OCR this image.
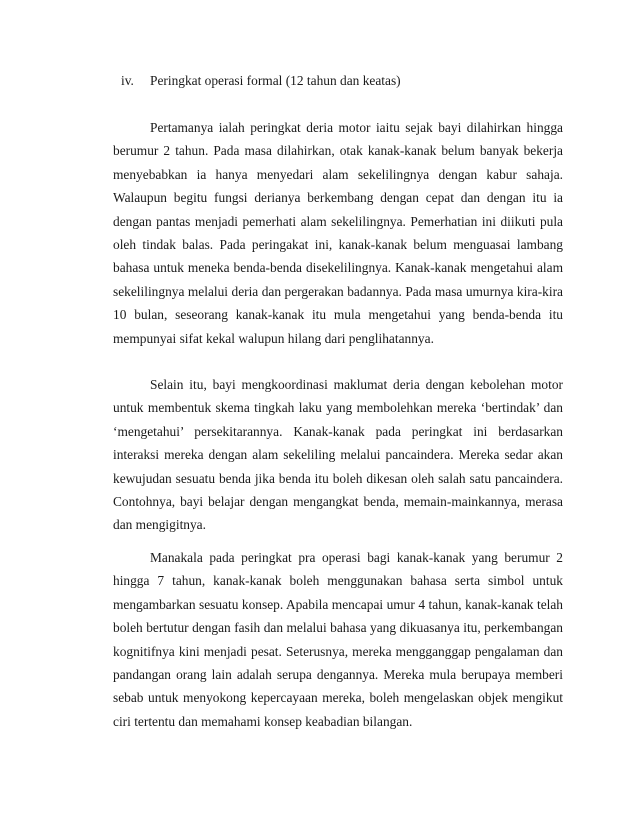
iv. Peringkat operasi formal (12 tahun dan keatas)

Pertamanya ialah peringkat deria motor iaitu sejak bayi dilahirkan hingga berumur 2 tahun. Pada masa dilahirkan, otak kanak-kanak belum banyak bekerja menyebabkan ia hanya menyedari alam sekelilingnya dengan kabur sahaja. Walaupun begitu fungsi derianya berkembang dengan cepat dan dengan itu ia dengan pantas menjadi pemerhati alam sekelilingnya. Pemerhatian ini diikuti pula oleh tindak balas. Pada peringakat ini, kanak-kanak belum menguasai lambang bahasa untuk meneka benda-benda disekelilingnya. Kanak-kanak mengetahui alam sekelilingnya melalui deria dan pergerakan badannya. Pada masa umurnya kira-kira 10 bulan, seseorang kanak-kanak itu mula mengetahui yang benda-benda itu mempunyai sifat kekal walupun hilang dari penglihatannya.

Selain itu, bayi mengkoordinasi maklumat deria dengan kebolehan motor untuk membentuk skema tingkah laku yang membolehkan mereka ‘bertindak’ dan ‘mengetahui’ persekitarannya. Kanak-kanak pada peringkat ini berdasarkan interaksi mereka dengan alam sekeliling melalui pancaindera. Mereka sedar akan kewujudan sesuatu benda jika benda itu boleh dikesan oleh salah satu pancaindera. Contohnya, bayi belajar dengan mengangkat benda, memain-mainkannya, merasa dan mengigitnya.

Manakala pada peringkat pra operasi bagi kanak-kanak yang berumur 2 hingga 7 tahun, kanak-kanak boleh menggunakan bahasa serta simbol untuk mengambarkan sesuatu konsep. Apabila mencapai umur 4 tahun, kanak-kanak telah boleh bertutur dengan fasih dan melalui bahasa yang dikuasanya itu, perkembangan kognitifnya kini menjadi pesat. Seterusnya, mereka mengganggap pengalaman dan pandangan orang lain adalah serupa dengannya. Mereka mula berupaya memberi sebab untuk menyokong kepercayaan mereka, boleh mengelaskan objek mengikut ciri tertentu dan memahami konsep keabadian bilangan.
